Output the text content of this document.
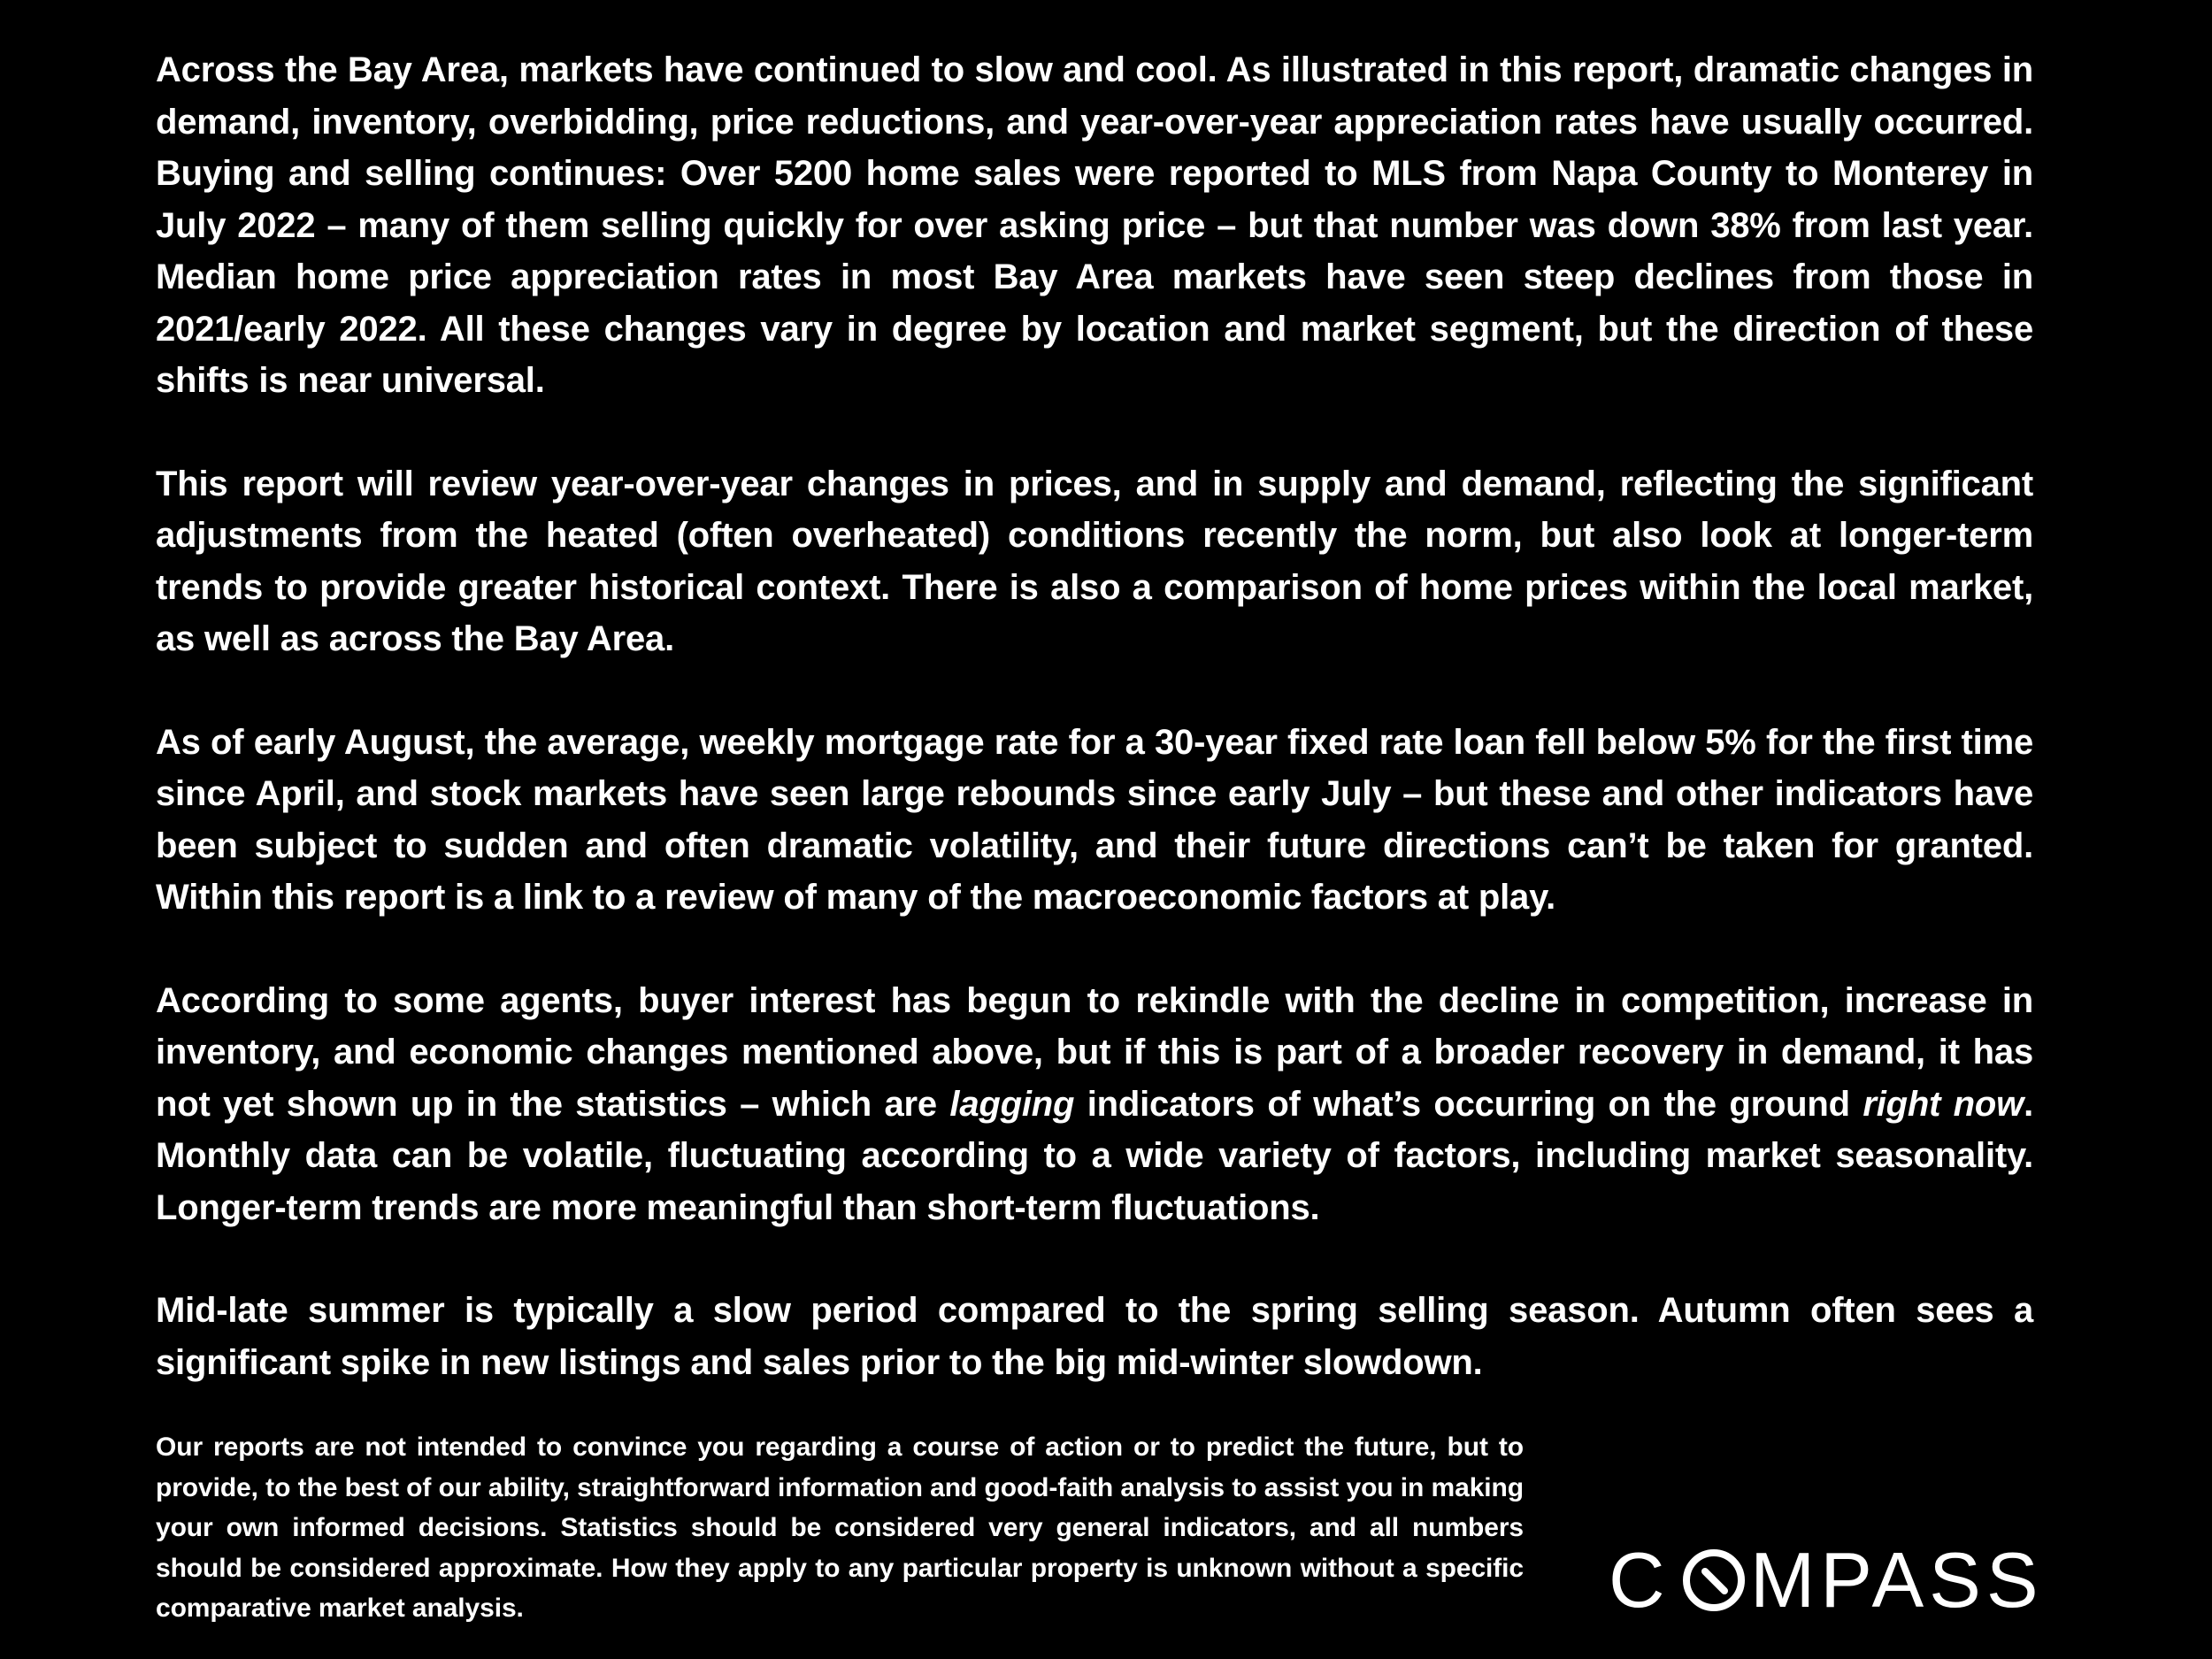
Across the Bay Area, markets have continued to slow and cool. As illustrated in this report, dramatic changes in demand, inventory, overbidding, price reductions, and year-over-year appreciation rates have usually occurred. Buying and selling continues: Over 5200 home sales were reported to MLS from Napa County to Monterey in July 2022 – many of them selling quickly for over asking price – but that number was down 38% from last year. Median home price appreciation rates in most Bay Area markets have seen steep declines from those in 2021/early 2022. All these changes vary in degree by location and market segment, but the direction of these shifts is near universal.

This report will review year-over-year changes in prices, and in supply and demand, reflecting the significant adjustments from the heated (often overheated) conditions recently the norm, but also look at longer-term trends to provide greater historical context. There is also a comparison of home prices within the local market, as well as across the Bay Area.

As of early August, the average, weekly mortgage rate for a 30-year fixed rate loan fell below 5% for the first time since April, and stock markets have seen large rebounds since early July – but these and other indicators have been subject to sudden and often dramatic volatility, and their future directions can’t be taken for granted. Within this report is a link to a review of many of the macroeconomic factors at play.

According to some agents, buyer interest has begun to rekindle with the decline in competition, increase in inventory, and economic changes mentioned above, but if this is part of a broader recovery in demand, it has not yet shown up in the statistics – which are lagging indicators of what’s occurring on the ground right now. Monthly data can be volatile, fluctuating according to a wide variety of factors, including market seasonality. Longer-term trends are more meaningful than short-term fluctuations.

Mid-late summer is typically a slow period compared to the spring selling season. Autumn often sees a significant spike in new listings and sales prior to the big mid-winter slowdown.

Our reports are not intended to convince you regarding a course of action or to predict the future, but to provide, to the best of our ability, straightforward information and good-faith analysis to assist you in making your own informed decisions. Statistics should be considered very general indicators, and all numbers should be considered approximate. How they apply to any particular property is unknown without a specific comparative market analysis.	C MPASS
